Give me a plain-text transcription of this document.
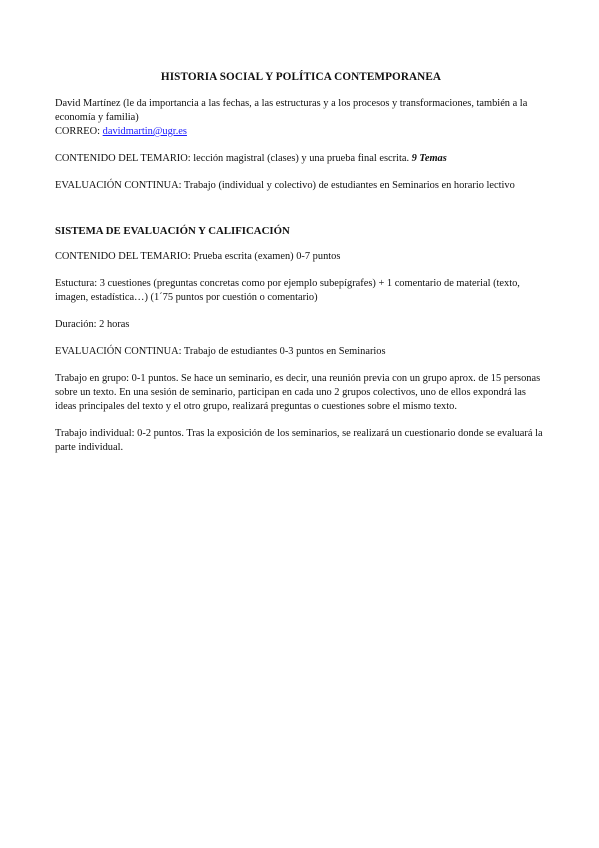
HISTORIA SOCIAL Y POLÍTICA CONTEMPORANEA

David Martínez (le da importancia a las fechas, a las estructuras y a los procesos y transformaciones, también a la economía y familia)

CORREO: davidmartin@ugr.es

CONTENIDO DEL TEMARIO: lección magistral (clases) y una prueba final escrita. 9 Temas

EVALUACIÓN CONTINUA: Trabajo (individual y colectivo) de estudiantes en Seminarios en horario lectivo

SISTEMA DE EVALUACIÓN Y CALIFICACIÓN

CONTENIDO DEL TEMARIO: Prueba escrita (examen) 0-7 puntos

Estuctura: 3 cuestiones (preguntas concretas como por ejemplo subepígrafes) + 1 comentario de material (texto, imagen, estadística…) (1´75 puntos por cuestión o comentario)

Duración: 2 horas

EVALUACIÓN CONTINUA: Trabajo de estudiantes 0-3 puntos en Seminarios

Trabajo en grupo: 0-1 puntos. Se hace un seminario, es decir, una reunión previa con un grupo aprox. de 15 personas sobre un texto. En una sesión de seminario, participan en cada uno 2 grupos colectivos, uno de ellos expondrá las ideas principales del texto y el otro grupo, realizará preguntas o cuestiones sobre el mismo texto.

Trabajo individual: 0-2 puntos. Tras la exposición de los seminarios, se realizará un cuestionario donde se evaluará la parte individual.
